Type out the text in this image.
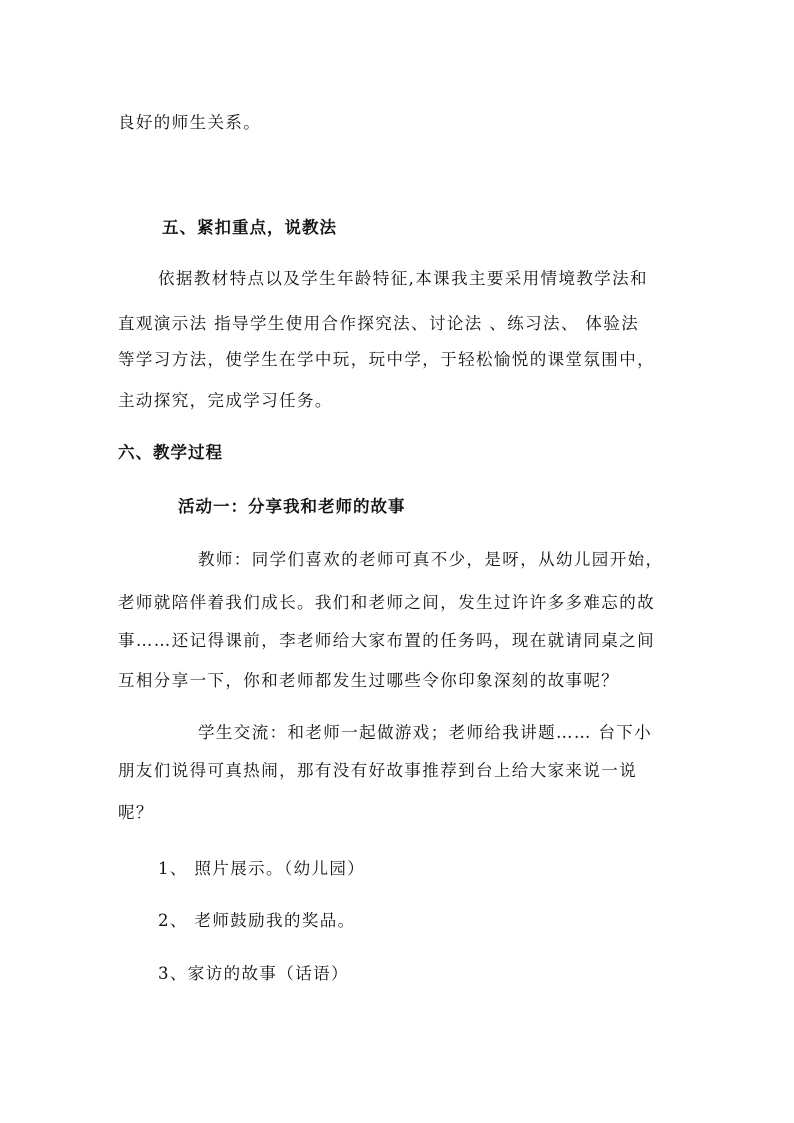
良好的师生关系。
五、紧扣重点，说教法
依据教材特点以及学生年龄特征,本课我主要采用情境教学法和
直观演示法 指导学生使用合作探究法、讨论法 、练习法、 体验法
等学习方法，使学生在学中玩，玩中学，于轻松愉悦的课堂氛围中，
主动探究，完成学习任务。
六、教学过程
活动一：分享我和老师的故事
教师：同学们喜欢的老师可真不少，是呀，从幼儿园开始，
老师就陪伴着我们成长。我们和老师之间，发生过许许多多难忘的故
事……还记得课前，李老师给大家布置的任务吗，现在就请同桌之间
互相分享一下，你和老师都发生过哪些令你印象深刻的故事呢？
学生交流：和老师一起做游戏；老师给我讲题…… 台下小
朋友们说得可真热闹，那有没有好故事推荐到台上给大家来说一说
呢？
1、 照片展示。（幼儿园）
2、 老师鼓励我的奖品。
3、家访的故事（话语）
